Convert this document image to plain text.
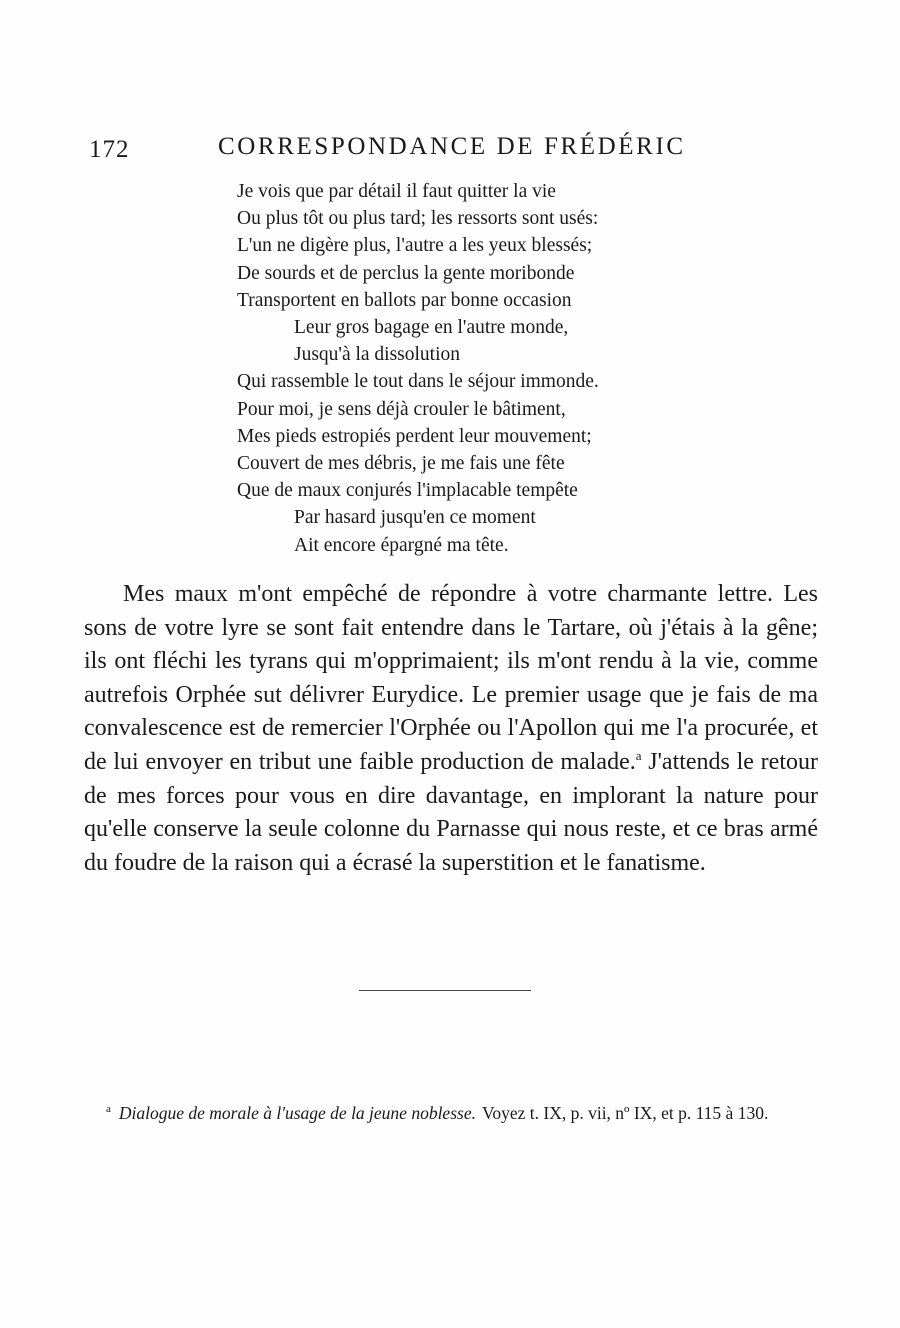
172	CORRESPONDANCE DE FRÉDÉRIC
Je vois que par détail il faut quitter la vie
Ou plus tôt ou plus tard; les ressorts sont usés:
L'un ne digère plus, l'autre a les yeux blessés;
De sourds et de perclus la gente moribonde
Transportent en ballots par bonne occasion
Leur gros bagage en l'autre monde,
Jusqu'à la dissolution
Qui rassemble le tout dans le séjour immonde.
Pour moi, je sens déjà crouler le bâtiment,
Mes pieds estropiés perdent leur mouvement;
Couvert de mes débris, je me fais une fête
Que de maux conjurés l'implacable tempête
Par hasard jusqu'en ce moment
Ait encore épargné ma tête.
Mes maux m'ont empêché de répondre à votre charmante lettre. Les sons de votre lyre se sont fait entendre dans le Tartare, où j'étais à la gêne; ils ont fléchi les tyrans qui m'opprimaient; ils m'ont rendu à la vie, comme autrefois Orphée sut délivrer Eurydice. Le premier usage que je fais de ma convalescence est de remercier l'Orphée ou l'Apollon qui me l'a procurée, et de lui envoyer en tribut une faible production de malade.$^a$ J'attends le retour de mes forces pour vous en dire davantage, en implorant la nature pour qu'elle conserve la seule colonne du Parnasse qui nous reste, et ce bras armé du foudre de la raison qui a écrasé la superstition et le fanatisme.
$^a$ Dialogue de morale à l'usage de la jeune noblesse. Voyez t. IX, p. vii, nº IX, et p. 115 à 130.
